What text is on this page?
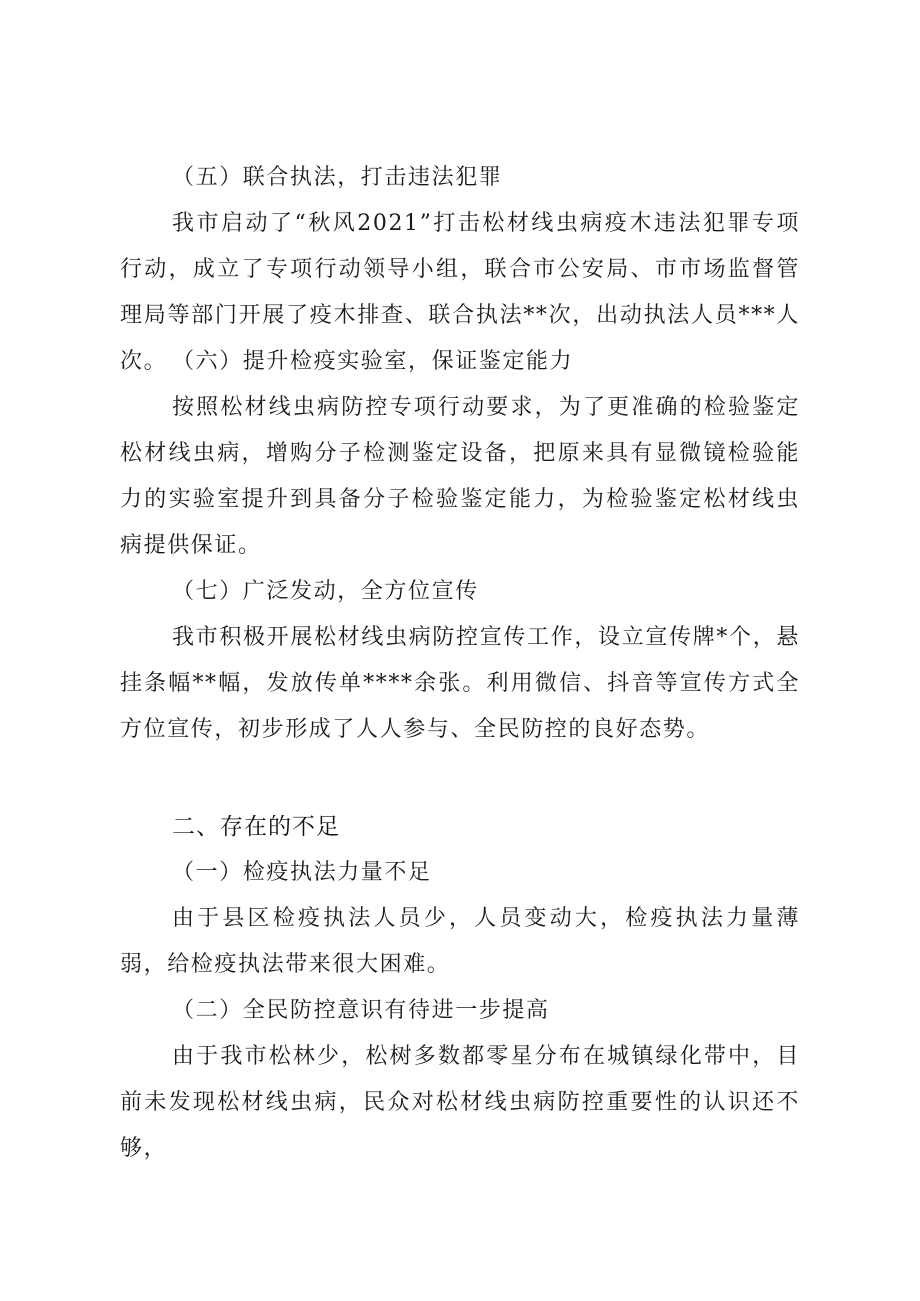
（五）联合执法，打击违法犯罪
我市启动了“秋风2021”打击松材线虫病疫木违法犯罪专项行动，成立了专项行动领导小组，联合市公安局、市市场监督管理局等部门开展了疫木排查、联合执法**次，出动执法人员***人次。 （六）提升检疫实验室，保证鉴定能力
按照松材线虫病防控专项行动要求，为了更准确的检验鉴定松材线虫病，增购分子检测鉴定设备，把原来具有显微镜检验能力的实验室提升到具备分子检验鉴定能力，为检验鉴定松材线虫病提供保证。
（七）广泛发动，全方位宣传
我市积极开展松材线虫病防控宣传工作，设立宣传牌*个，悬挂条幅**幅，发放传单****余张。利用微信、抖音等宣传方式全方位宣传，初步形成了人人参与、全民防控的良好态势。
二、存在的不足
（一）检疫执法力量不足
由于县区检疫执法人员少，人员变动大，检疫执法力量薄弱，给检疫执法带来很大困难。
（二）全民防控意识有待进一步提高
由于我市松林少，松树多数都零星分布在城镇绿化带中，目前未发现松材线虫病，民众对松材线虫病防控重要性的认识还不够，
